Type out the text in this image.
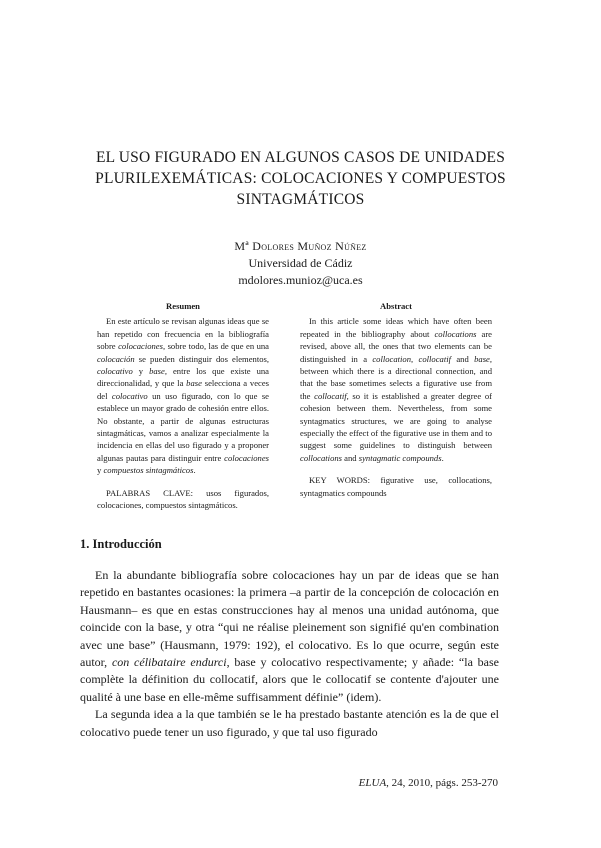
EL USO FIGURADO EN ALGUNOS CASOS DE UNIDADES
PLURILEXEMÁTICAS: COLOCACIONES Y COMPUESTOS
SINTAGMÁTICOS
Mª Dolores Muñoz Núñez
Universidad de Cádiz
mdolores.munioz@uca.es
Resumen

En este artículo se revisan algunas ideas que se han repetido con frecuencia en la bibliografía sobre colocaciones, sobre todo, las de que en una colocación se pueden distinguir dos elementos, colocativo y base, entre los que existe una direccionalidad, y que la base selecciona a veces del colocativo un uso figurado, con lo que se establece un mayor grado de cohesión entre ellos. No obstante, a partir de algunas estructuras sintagmáticas, vamos a analizar especialmente la incidencia en ellas del uso figurado y a proponer algunas pautas para distinguir entre colocaciones y compuestos sintagmáticos.

PALABRAS CLAVE: usos figurados, colocaciones, compuestos sintagmáticos.

Abstract

In this article some ideas which have often been repeated in the bibliography about collocations are revised, above all, the ones that two elements can be distinguished in a collocation, collocatif and base, between which there is a directional connection, and that the base sometimes selects a figurative use from the collocatif, so it is established a greater degree of cohesion between them. Nevertheless, from some syntagmatics structures, we are going to analyse especially the effect of the figurative use in them and to suggest some guidelines to distinguish between collocations and syntagmatic compounds.

KEY WORDS: figurative use, collocations, syntagmatics compounds

1. Introducción

En la abundante bibliografía sobre colocaciones hay un par de ideas que se han repetido en bastantes ocasiones: la primera –a partir de la concepción de colocación en Hausmann– es que en estas construcciones hay al menos una unidad autónoma, que coincide con la base, y otra “qui ne réalise pleinement son signifié qu'en combination avec une base” (Hausmann, 1979: 192), el colocativo. Es lo que ocurre, según este autor, con célibataire endurci, base y colocativo respectivamente; y añade: “la base complète la définition du collocatif, alors que le collocatif se contente d'ajouter une qualité à une base en elle-même suffisamment définie” (idem).

La segunda idea a la que también se le ha prestado bastante atención es la de que el colocativo puede tener un uso figurado, y que tal uso figurado

ELUA, 24, 2010, págs. 253-270
